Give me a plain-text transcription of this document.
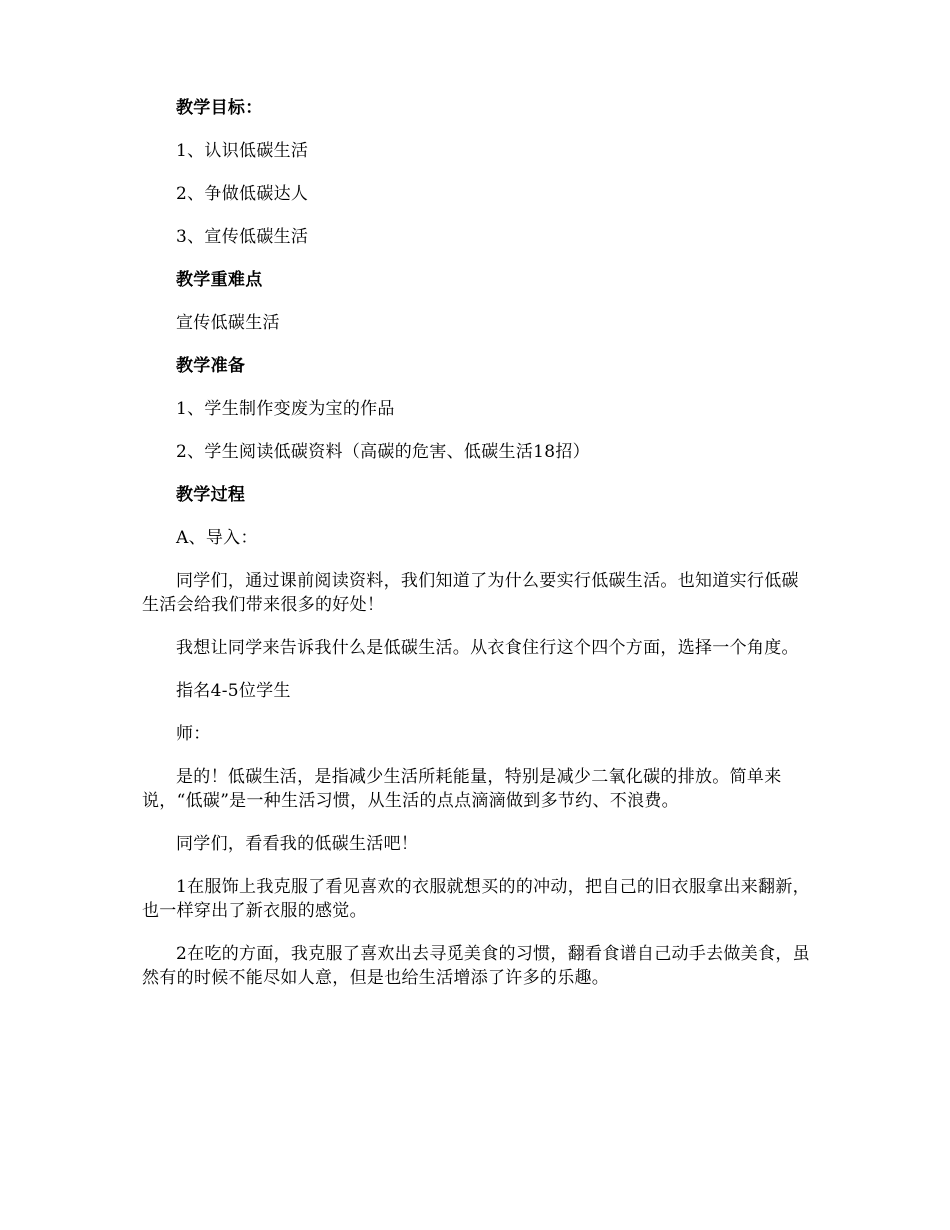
教学目标：

1、认识低碳生活

2、争做低碳达人

3、宣传低碳生活

教学重难点

宣传低碳生活

教学准备

1、学生制作变废为宝的作品

2、学生阅读低碳资料（高碳的危害、低碳生活18招）

教学过程

A、导入：

同学们，通过课前阅读资料，我们知道了为什么要实行低碳生活。也知道实行低碳生活会给我们带来很多的好处！

我想让同学来告诉我什么是低碳生活。从衣食住行这个四个方面，选择一个角度。

指名4-5位学生

师：

是的！低碳生活，是指减少生活所耗能量，特别是减少二氧化碳的排放。简单来说，“低碳”是一种生活习惯，从生活的点点滴滴做到多节约、不浪费。

同学们，看看我的低碳生活吧！

1在服饰上我克服了看见喜欢的衣服就想买的的冲动，把自己的旧衣服拿出来翻新，也一样穿出了新衣服的感觉。

2在吃的方面，我克服了喜欢出去寻觅美食的习惯，翻看食谱自己动手去做美食，虽然有的时候不能尽如人意，但是也给生活增添了许多的乐趣。
